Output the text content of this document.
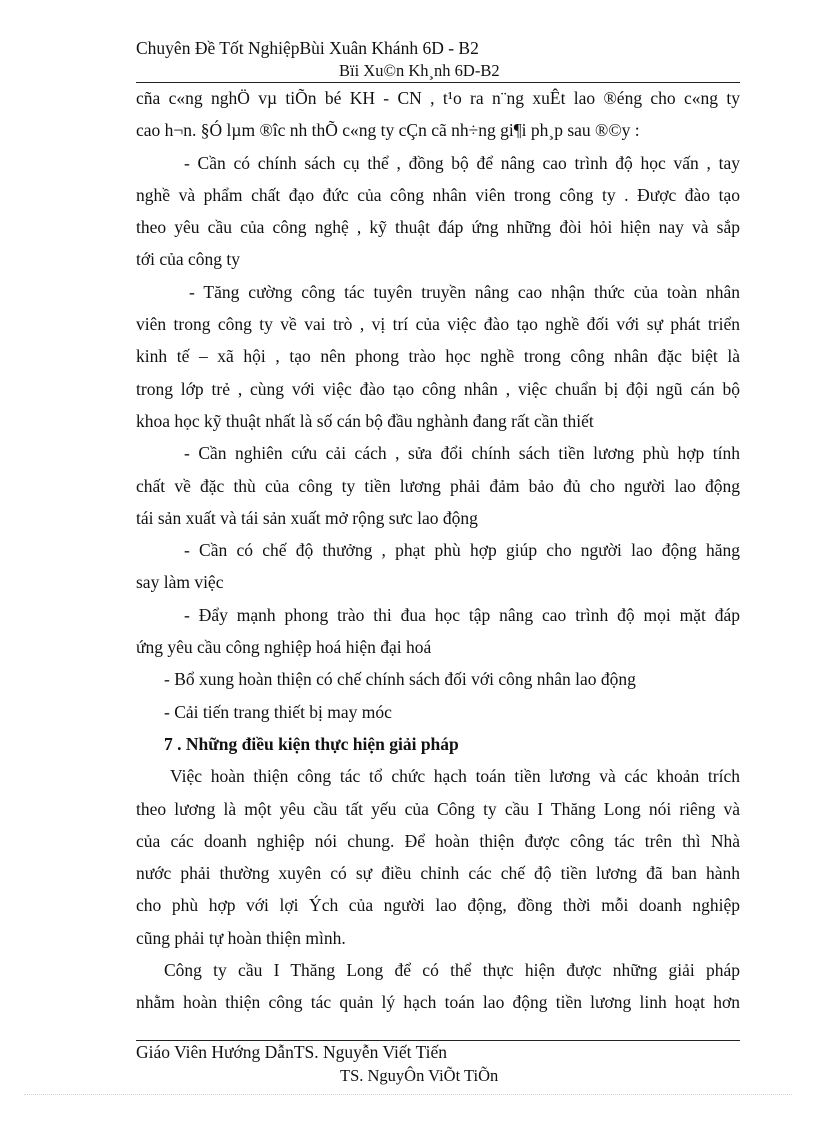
Chuyên Đề Tốt NghiệpBùi Xuân Khánh 6D - B2
Bïi Xu©n Kh¸nh 6D-B2
cña c«ng nghÖ vµ tiÕn bé KH - CN , t¹o ra n¨ng xuÊt lao ®éng cho c«ng ty
cao h¬n. §Ó lµm ®îc nh thÕ c«ng ty cÇn cã nh÷ng gi¶i ph¸p sau ®©y :
- Cần có chính sách cụ thể , đồng bộ để nâng cao trình độ học vấn , tay
nghề và phẩm chất đạo đức của công nhân viên trong công ty . Được đào tạo
theo yêu cầu của công nghệ , kỹ thuật đáp ứng những đòi hỏi hiện nay và sắp
tới của công ty
- Tăng cường công tác tuyên truyền nâng cao nhận thức của toàn nhân
viên trong công ty về vai trò , vị trí của việc đào tạo nghề đối với sự phát triển
kinh tế – xã hội , tạo nên phong trào học nghề trong công nhân đặc biệt là
trong lớp trẻ , cùng với việc đào tạo công nhân , việc chuẩn bị đội ngũ cán bộ
khoa học kỹ thuật nhất là số cán bộ đầu nghành đang rất cần thiết
- Cần nghiên cứu cải cách , sửa đổi chính sách tiền lương phù hợp tính
chất về đặc thù của công ty tiền lương phải đảm bảo đủ cho người lao động
tái sản xuất và tái sản xuất mở rộng sưc lao động
- Cần có chế độ thưởng , phạt phù hợp giúp cho người lao động hăng
say làm việc
- Đẩy mạnh phong trào thi đua học tập nâng cao trình độ mọi mặt đáp
ứng yêu cầu công nghiệp hoá hiện đại hoá
- Bổ xung hoàn thiện có chế chính sách đối với công nhân lao động
- Cải tiến trang thiết bị may móc
7 . Những điều kiện thực hiện giải pháp
Việc hoàn thiện công tác tổ chức hạch toán tiền lương và các khoản trích
theo lương là một yêu cầu tất yếu của Công ty cầu I Thăng Long nói riêng và
của các doanh nghiệp nói chung. Để hoàn thiện được công tác trên thì Nhà
nước phải thường xuyên có sự điều chỉnh các chế độ tiền lương đã ban hành
cho phù hợp với lợi Ých của người lao động, đồng thời mỗi doanh nghiệp
cũng phải tự hoàn thiện mình.
Công ty cầu I Thăng Long để có thể thực hiện được những giải pháp
nhằm hoàn thiện công tác quản lý hạch toán lao động tiền lương linh hoạt hơn
Giáo Viên Hướng DẫnTS. Nguyễn Viết Tiến
TS. NguyÔn ViÕt TiÕn
